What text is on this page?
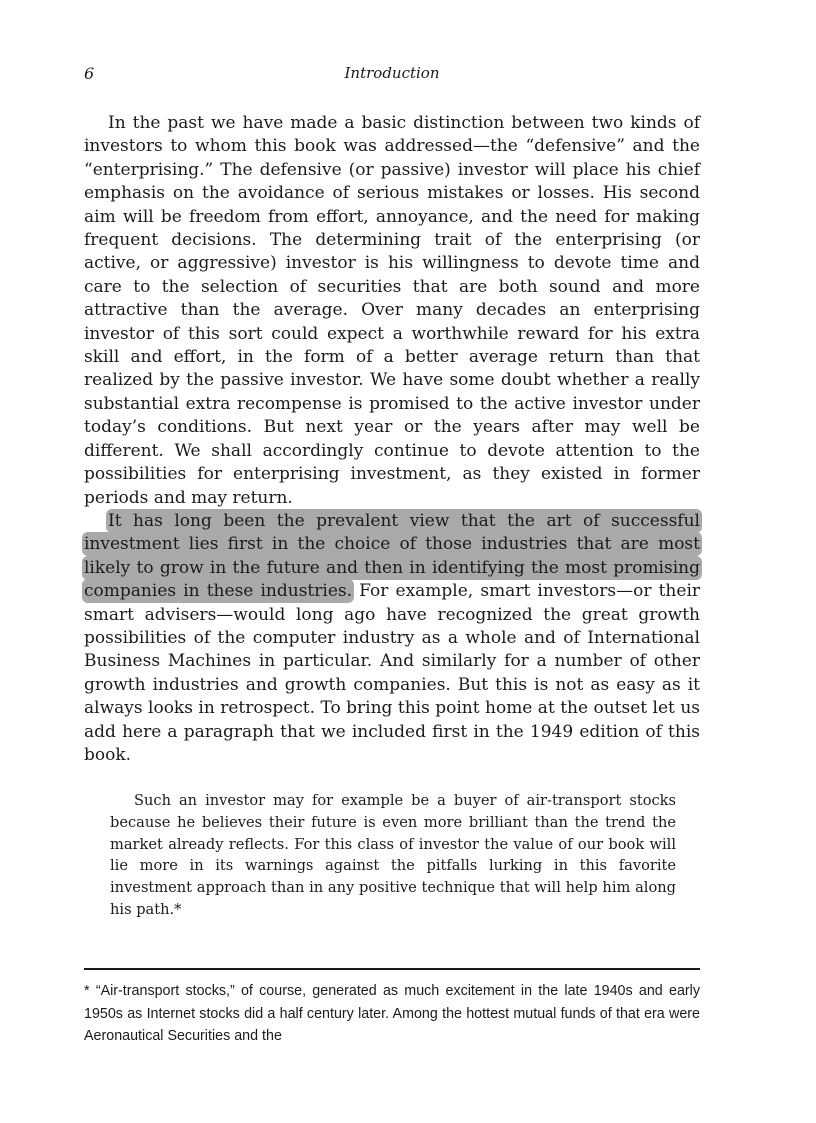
6	Introduction

In the past we have made a basic distinction between two kinds of investors to whom this book was addressed—the “defensive” and the “enterprising.” The defensive (or passive) investor will place his chief emphasis on the avoidance of serious mistakes or losses. His second aim will be freedom from effort, annoyance, and the need for making frequent decisions. The determining trait of the enterprising (or active, or aggressive) investor is his willingness to devote time and care to the selection of securities that are both sound and more attractive than the average. Over many decades an enterprising investor of this sort could expect a worthwhile reward for his extra skill and effort, in the form of a better average return than that realized by the passive investor. We have some doubt whether a really substantial extra recompense is promised to the active investor under today’s conditions. But next year or the years after may well be different. We shall accordingly continue to devote attention to the possibilities for enterprising investment, as they existed in former periods and may return.

It has long been the prevalent view that the art of successful investment lies first in the choice of those industries that are most likely to grow in the future and then in identifying the most promising companies in these industries. For example, smart investors—or their smart advisers—would long ago have recognized the great growth possibilities of the computer industry as a whole and of International Business Machines in particular. And similarly for a number of other growth industries and growth companies. But this is not as easy as it always looks in retrospect. To bring this point home at the outset let us add here a paragraph that we included first in the 1949 edition of this book.

Such an investor may for example be a buyer of air-transport stocks because he believes their future is even more brilliant than the trend the market already reflects. For this class of investor the value of our book will lie more in its warnings against the pitfalls lurking in this favorite investment approach than in any positive technique that will help him along his path.*

* “Air-transport stocks,” of course, generated as much excitement in the late 1940s and early 1950s as Internet stocks did a half century later. Among the hottest mutual funds of that era were Aeronautical Securities and the
